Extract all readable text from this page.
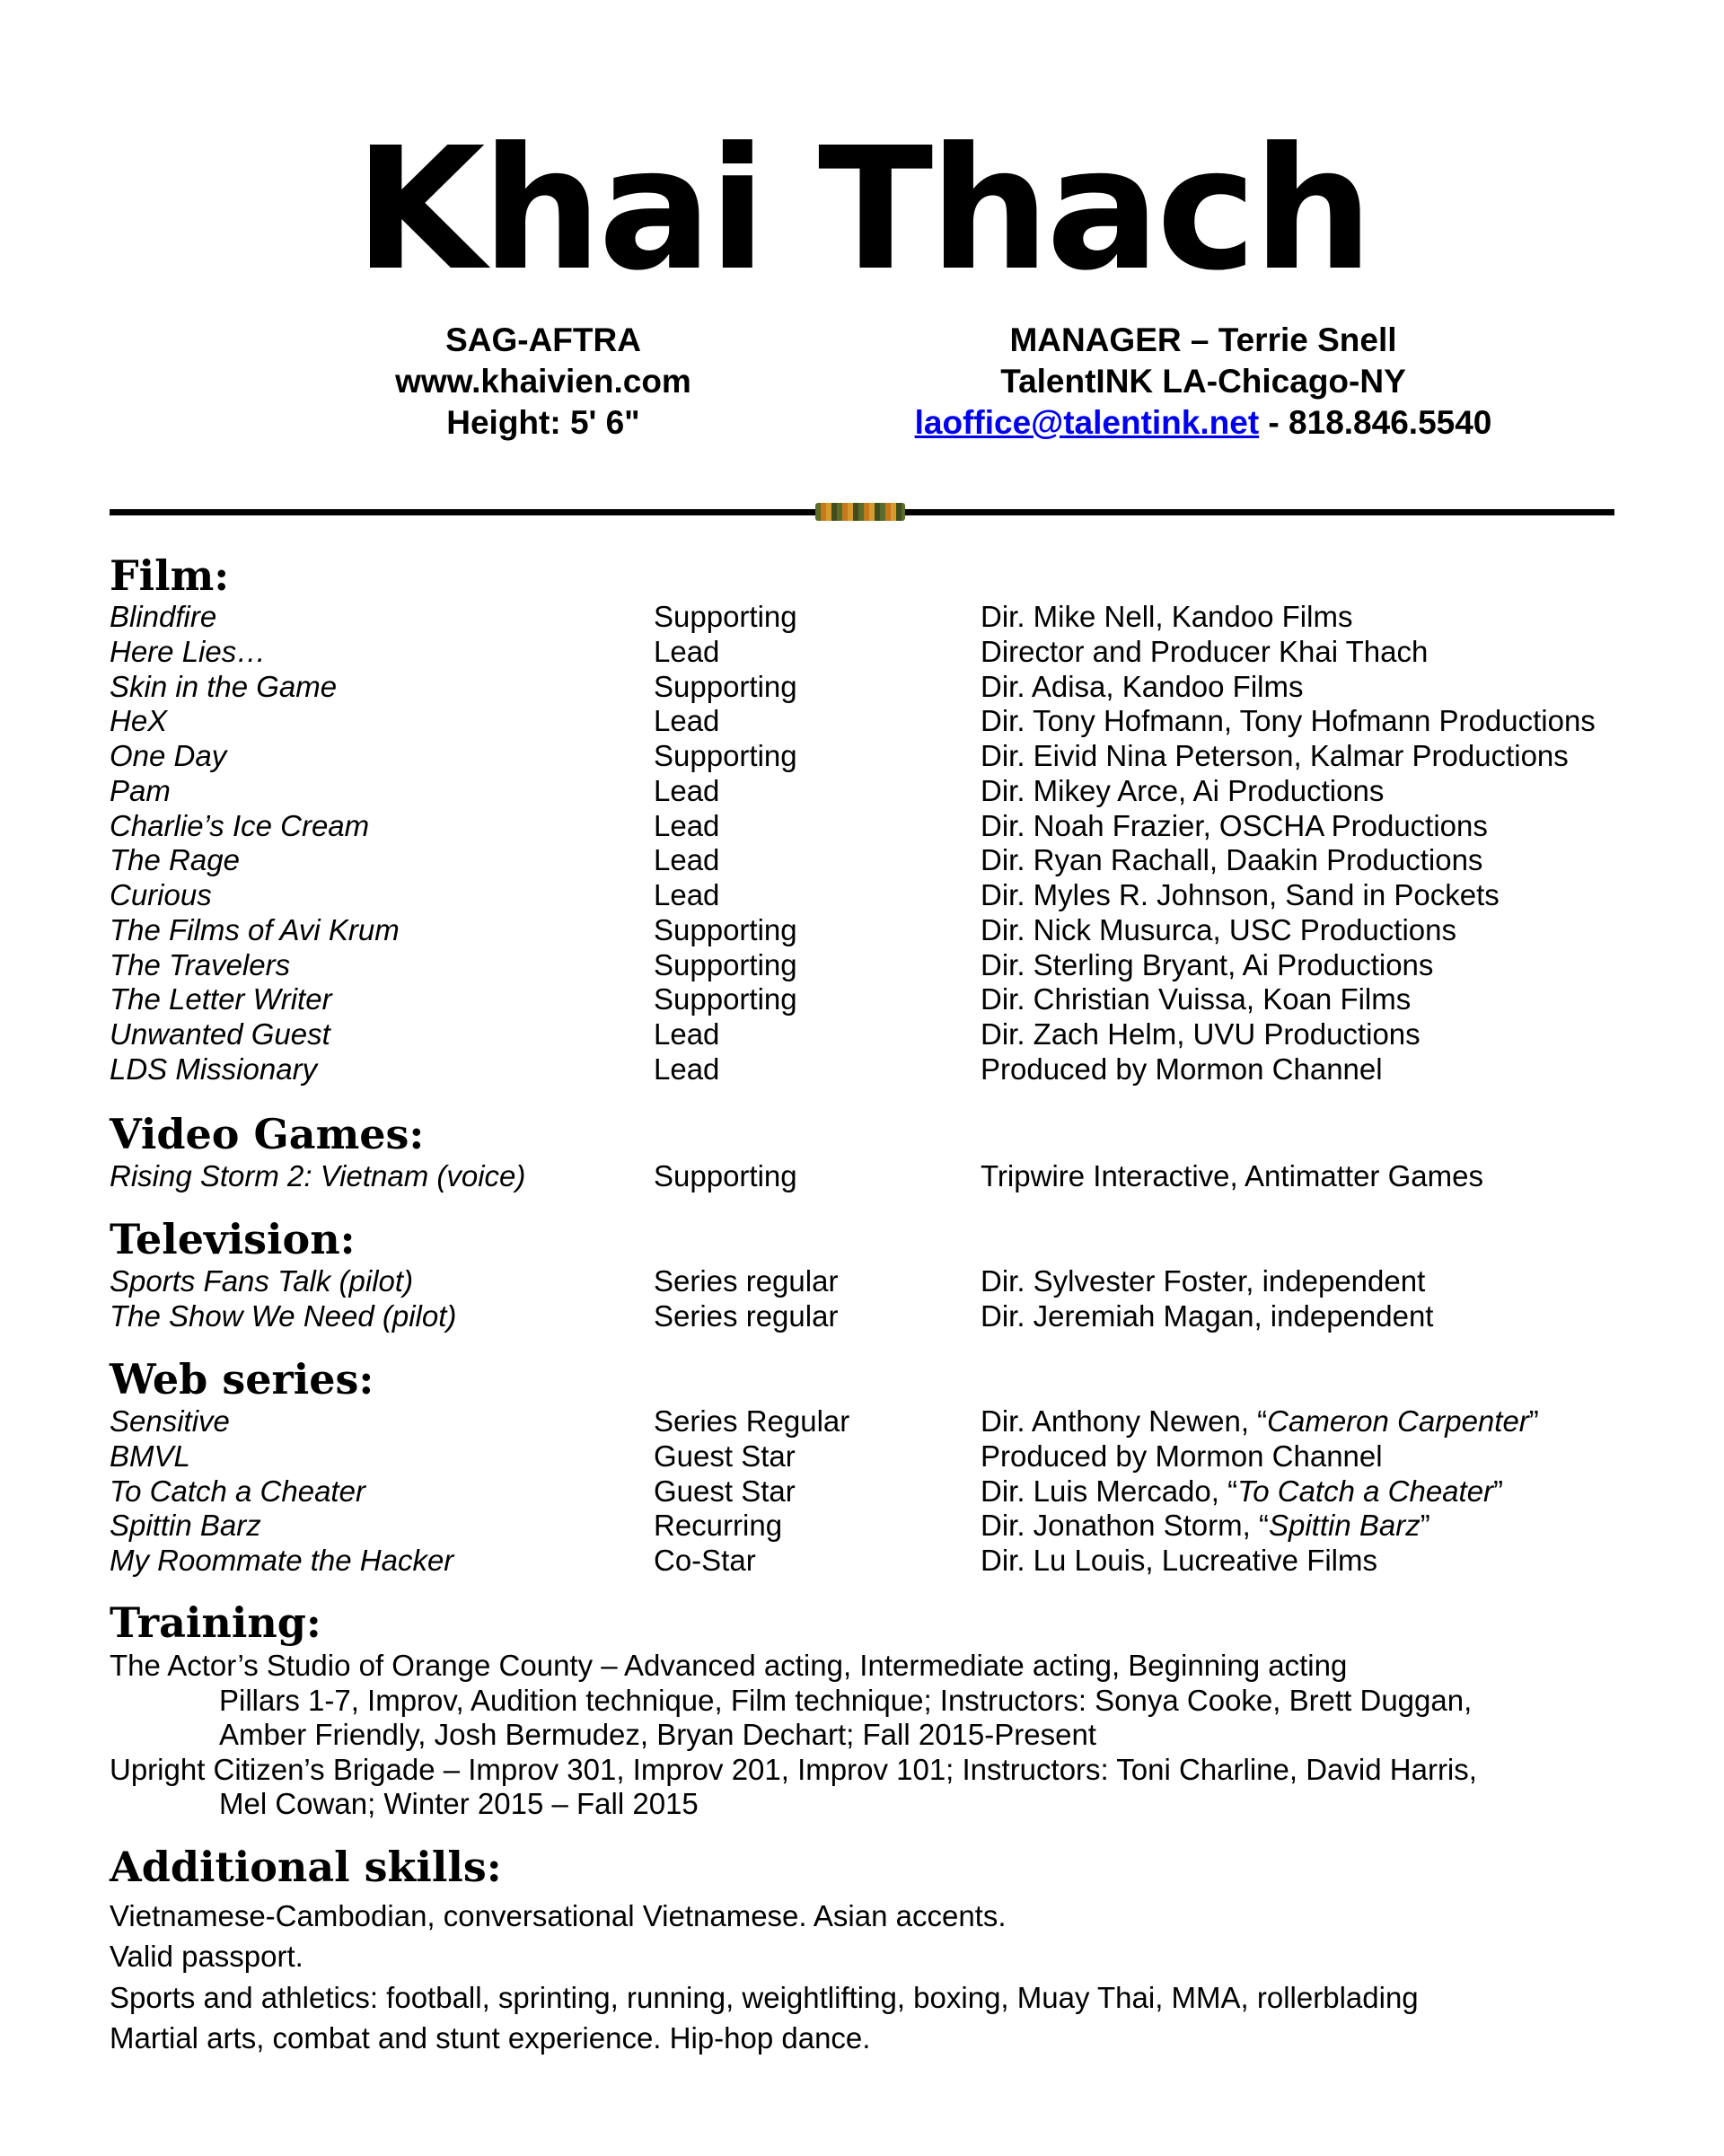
Khai Thach
SAG-AFTRA
www.khaivien.com
Height: 5' 6"
MANAGER – Terrie Snell
TalentINK LA-Chicago-NY
laoffice@talentink.net - 818.846.5540
Film:
Blindfire	Supporting	Dir. Mike Nell, Kandoo Films
Here Lies…	Lead	Director and Producer Khai Thach
Skin in the Game	Supporting	Dir. Adisa, Kandoo Films
HeX	Lead	Dir. Tony Hofmann, Tony Hofmann Productions
One Day	Supporting	Dir. Eivid Nina Peterson, Kalmar Productions
Pam	Lead	Dir. Mikey Arce, Ai Productions
Charlie’s Ice Cream	Lead	Dir. Noah Frazier, OSCHA Productions
The Rage	Lead	Dir. Ryan Rachall, Daakin Productions
Curious	Lead	Dir. Myles R. Johnson, Sand in Pockets
The Films of Avi Krum	Supporting	Dir. Nick Musurca, USC Productions
The Travelers	Supporting	Dir. Sterling Bryant, Ai Productions
The Letter Writer	Supporting	Dir. Christian Vuissa, Koan Films
Unwanted Guest	Lead	Dir. Zach Helm, UVU Productions
LDS Missionary	Lead	Produced by Mormon Channel
Video Games:
Rising Storm 2: Vietnam (voice)	Supporting	Tripwire Interactive, Antimatter Games
Television:
Sports Fans Talk (pilot)	Series regular	Dir. Sylvester Foster, independent
The Show We Need (pilot)	Series regular	Dir. Jeremiah Magan, independent
Web series:
Sensitive	Series Regular	Dir. Anthony Newen, “Cameron Carpenter”
BMVL	Guest Star	Produced by Mormon Channel
To Catch a Cheater	Guest Star	Dir. Luis Mercado, “To Catch a Cheater”
Spittin Barz	Recurring	Dir. Jonathon Storm, “Spittin Barz”
My Roommate the Hacker	Co-Star	Dir. Lu Louis, Lucreative Films
Training:
The Actor’s Studio of Orange County – Advanced acting, Intermediate acting, Beginning acting
Pillars 1-7, Improv, Audition technique, Film technique; Instructors: Sonya Cooke, Brett Duggan,
Amber Friendly, Josh Bermudez, Bryan Dechart; Fall 2015-Present
Upright Citizen’s Brigade – Improv 301, Improv 201, Improv 101; Instructors: Toni Charline, David Harris,
Mel Cowan; Winter 2015 – Fall 2015
Additional skills:
Vietnamese-Cambodian, conversational Vietnamese. Asian accents.
Valid passport.
Sports and athletics: football, sprinting, running, weightlifting, boxing, Muay Thai, MMA, rollerblading
Martial arts, combat and stunt experience. Hip-hop dance.
